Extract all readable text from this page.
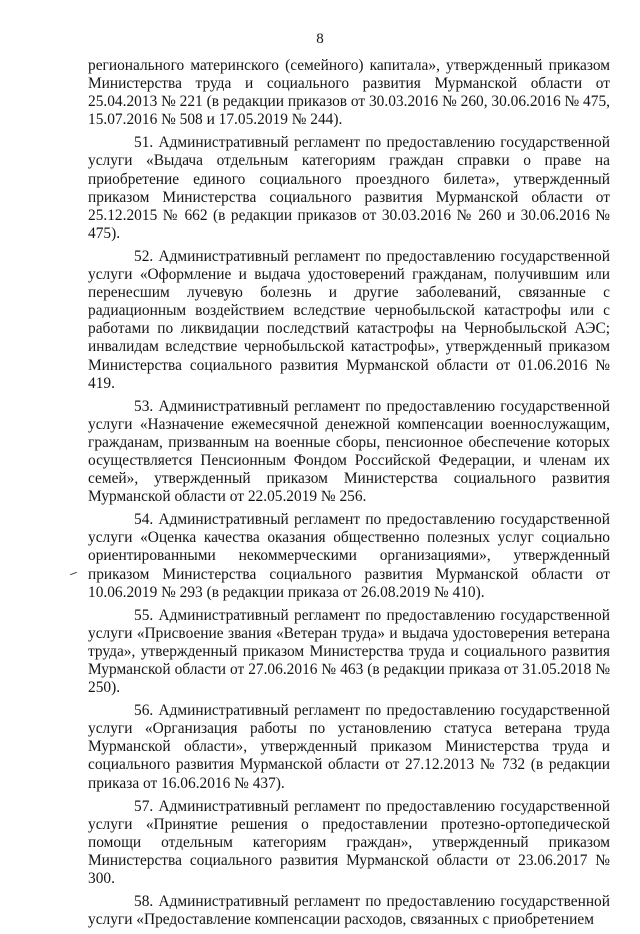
8

регионального материнского (семейного) капитала», утвержденный приказом Министерства труда и социального развития Мурманской области от 25.04.2013 № 221 (в редакции приказов от 30.03.2016 № 260, 30.06.2016 № 475, 15.07.2016 № 508 и 17.05.2019 № 244).

51. Административный регламент по предоставлению государственной услуги «Выдача отдельным категориям граждан справки о праве на приобретение единого социального проездного билета», утвержденный приказом Министерства социального развития Мурманской области от 25.12.2015 № 662 (в редакции приказов от 30.03.2016 № 260 и 30.06.2016 № 475).

52. Административный регламент по предоставлению государственной услуги «Оформление и выдача удостоверений гражданам, получившим или перенесшим лучевую болезнь и другие заболеваний, связанные с радиационным воздействием вследствие чернобыльской катастрофы или с работами по ликвидации последствий катастрофы на Чернобыльской АЭС; инвалидам вследствие чернобыльской катастрофы», утвержденный приказом Министерства социального развития Мурманской области от 01.06.2016 № 419.

53. Административный регламент по предоставлению государственной услуги «Назначение ежемесячной денежной компенсации военнослужащим, гражданам, призванным на военные сборы, пенсионное обеспечение которых осуществляется Пенсионным Фондом Российской Федерации, и членам их семей», утвержденный приказом Министерства социального развития Мурманской области от 22.05.2019 № 256.

54. Административный регламент по предоставлению государственной услуги «Оценка качества оказания общественно полезных услуг социально ориентированными некоммерческими организациями», утвержденный приказом Министерства социального развития Мурманской области от 10.06.2019 № 293 (в редакции приказа от 26.08.2019 № 410).

55. Административный регламент по предоставлению государственной услуги «Присвоение звания «Ветеран труда» и выдача удостоверения ветерана труда», утвержденный приказом Министерства труда и социального развития Мурманской области от 27.06.2016 № 463 (в редакции приказа от 31.05.2018 № 250).

56. Административный регламент по предоставлению государственной услуги «Организация работы по установлению статуса ветерана труда Мурманской области», утвержденный приказом Министерства труда и социального развития Мурманской области от 27.12.2013 № 732 (в редакции приказа от 16.06.2016 № 437).

57. Административный регламент по предоставлению государственной услуги «Принятие решения о предоставлении протезно-ортопедической помощи отдельным категориям граждан», утвержденный приказом Министерства социального развития Мурманской области от 23.06.2017 № 300.

58. Административный регламент по предоставлению государственной услуги «Предоставление компенсации расходов, связанных с приобретением
